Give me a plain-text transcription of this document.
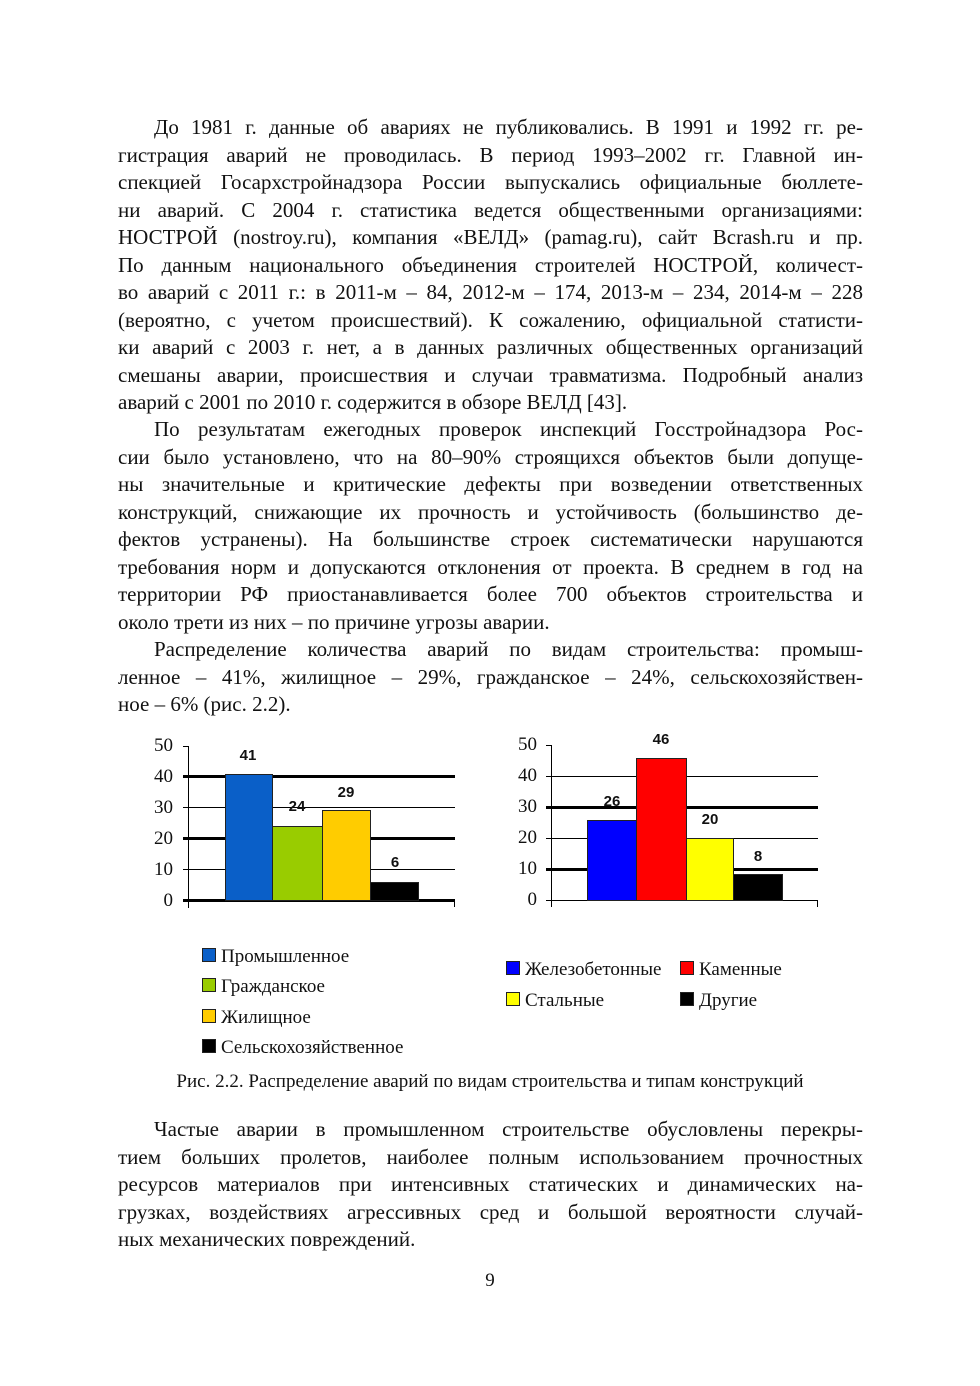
До 1981 г. данные об авариях не публиковались. В 1991 и 1992 гг. ре-
гистрация аварий не проводилась. В период 1993–2002 гг. Главной ин-
спекцией Госархстройнадзора России выпускались официальные бюллете-
ни аварий. С 2004 г. статистика ведется общественными организациями:
НОСТРОЙ (nostroy.ru), компания «ВЕЛД» (pamag.ru), сайт Bcrash.ru и пр.
По данным национального объединения строителей НОСТРОЙ, количест-
во аварий с 2011 г.: в 2011-м – 84, 2012-м – 174, 2013-м – 234, 2014-м – 228
(вероятно, с учетом происшествий). К сожалению, официальной статисти-
ки аварий с 2003 г. нет, а в данных различных общественных организаций
смешаны аварии, происшествия и случаи травматизма. Подробный анализ
аварий с 2001 по 2010 г. содержится в обзоре ВЕЛД [43].
По результатам ежегодных проверок инспекций Госстройнадзора Рос-
сии было установлено, что на 80–90% строящихся объектов были допуще-
ны значительные и критические дефекты при возведении ответственных
конструкций, снижающие их прочность и устойчивость (большинство де-
фектов устранены). На большинстве строек систематически нарушаются
требования норм и допускаются отклонения от проекта. В среднем в год на
территории РФ приостанавливается более 700 объектов строительства и
около трети из них – по причине угрозы аварии.
Распределение количества аварий по видам строительства: промыш-
ленное – 41%, жилищное – 29%, гражданское – 24%, сельскохозяйствен-
ное – 6% (рис. 2.2).
50
40
30
20
10
0
41
24
29
6
Промышленное
Гражданское
Жилищное
Сельскохозяйственное
50
40
30
20
10
0
26
46
20
8
Железобетонные	Каменные
Стальные	Другие
Рис. 2.2. Распределение аварий по видам строительства и типам конструкций
Частые аварии в промышленном строительстве обусловлены перекры-
тием больших пролетов, наиболее полным использованием прочностных
ресурсов материалов при интенсивных статических и динамических на-
грузках, воздействиях агрессивных сред и большой вероятности случай-
ных механических повреждений.
9
